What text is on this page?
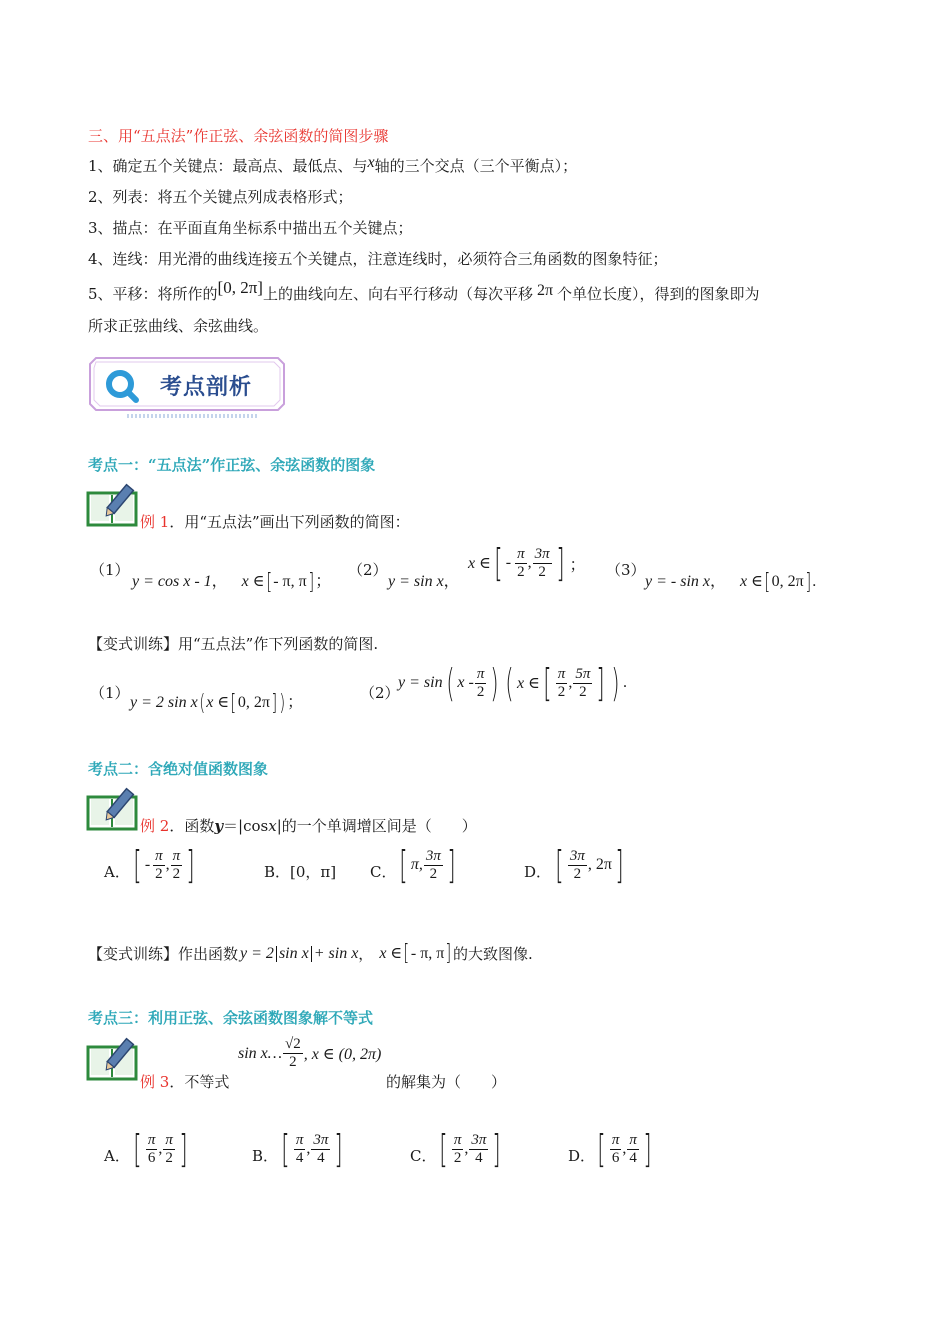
三、用“五点法”作正弦、余弦函数的简图步骤
1、确定五个关键点：最高点、最低点、与x轴的三个交点（三个平衡点）；
2、列表：将五个关键点列成表格形式；
3、描点：在平面直角坐标系中描出五个关键点；
4、连线：用光滑的曲线连接五个关键点，注意连线时，必须符合三角函数的图象特征；
5、平移：将所作的[0, 2π]上的曲线向左、向右平行移动（每次平移 2π 个单位长度），得到的图象即为
所求正弦曲线、余弦曲线。
考点剖析
考点一：“五点法”作正弦、余弦函数的图象
例 1．用“五点法”画出下列函数的简图：
（1）
y = cos x - 1， x ∈[- π, π]；
（2）
y = sin x，
x ∈ [ - $\frac{\pi}{2}$ , $\frac{3\pi}{2}$ ] ； （3）
y = - sin x， x ∈[0, 2π].
【变式训练】用“五点法”作下列函数的简图.
（1）
y = 2 sin x(x ∈[0, 2π] )；
（2）
y = sin ( x - $\frac{\pi}{2}$ ) ( x ∈ [ $\frac{\pi}{2}$ , $\frac{5\pi}{2}$ ] ) .
考点二：含绝对值函数图象
例 2．函数y＝|cosx|的一个单调增区间是（　　）
A． [ - $\frac{\pi}{2}$ , $\frac{\pi}{2}$ ]	B．[0，π] C． [ π, $\frac{3\pi}{2}$ ]	D． [ $\frac{3\pi}{2}$ , 2π ]
【变式训练】 作出函数 y = 2 sin x + sin x ， x ∈ [ - π, π ] 的大致图像.
考点三：利用正弦、余弦函数图象解不等式
例 3．不等式
sin x… $\frac{√2}{2}$ , x ∈ (0, 2π)
的解集为（　　）
A． [ $\frac{\pi}{6}$ , $\frac{\pi}{2}$ ]	B． [ $\frac{\pi}{4}$ , $\frac{3\pi}{4}$ ]	C． [ $\frac{\pi}{2}$ , $\frac{3\pi}{4}$ ]	D． [ $\frac{\pi}{6}$ , $\frac{\pi}{4}$ ]
